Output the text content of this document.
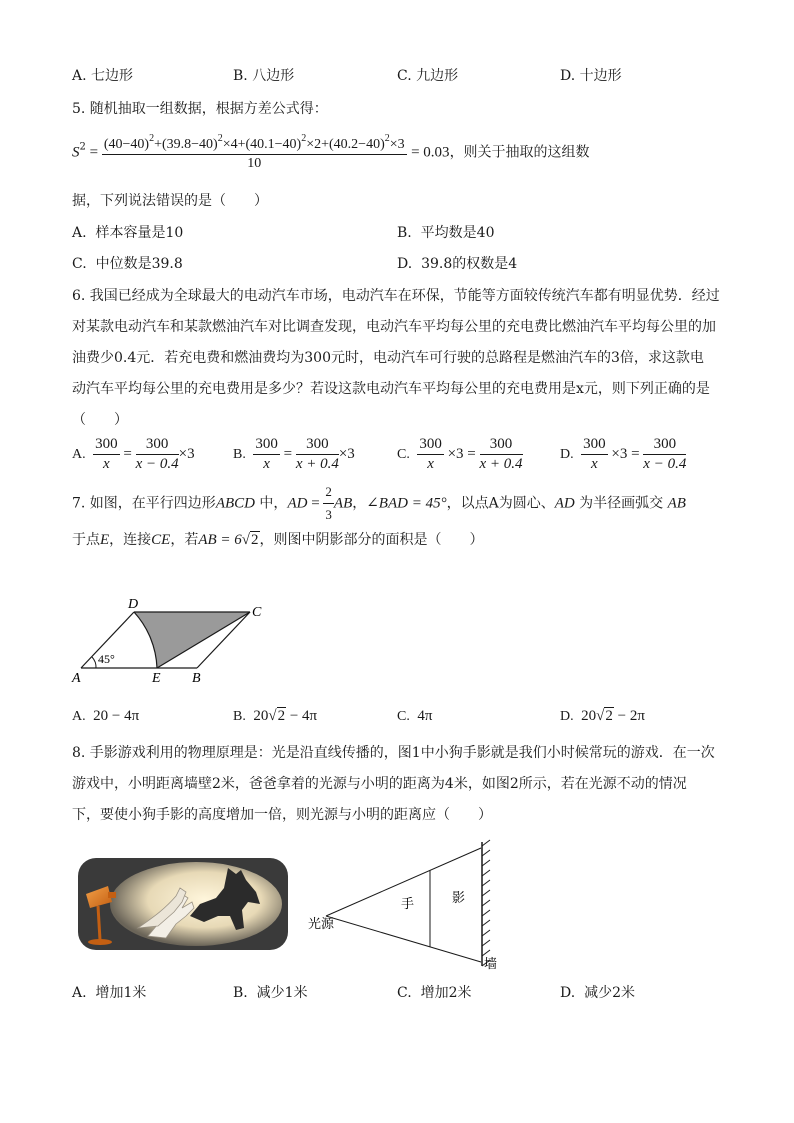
A. 七边形	B. 八边形	C. 九边形	D. 十边形
5. 随机抽取一组数据，根据方差公式得：
$S^2 = \frac{(40-40)^2+(39.8-40)^2\times 4+(40.1-40)^2\times 2+(40.2-40)^2\times 3}{10} = 0.03$，则关于抽取的这组数
据，下列说法错误的是（　　）
A. 样本容量是10	B. 平均数是40
C. 中位数是39.8	D. 39.8的权数是4
6. 我国已经成为全球最大的电动汽车市场，电动汽车在环保，节能等方面较传统汽车都有明显优势．经过
对某款电动汽车和某款燃油汽车对比调查发现，电动汽车平均每公里的充电费比燃油汽车平均每公里的加
油费少0.4元．若充电费和燃油费均为300元时，电动汽车可行驶的总路程是燃油汽车的3倍，求这款电
动汽车平均每公里的充电费用是多少？若设这款电动汽车平均每公里的充电费用是x元，则下列正确的是
（　　）
A. $\frac{300}{x} = \frac{300}{x - 0.4} \times 3$	B. $\frac{300}{x} = \frac{300}{x + 0.4} \times 3$	C. $\frac{300}{x} \times 3 = \frac{300}{x + 0.4}$	D. $\frac{300}{x} \times 3 = \frac{300}{x - 0.4}$
7. 如图，在平行四边形ABCD 中，AD = $\frac{2}{3}$ AB，∠BAD = 45°，以点A为圆心、AD 为半径画弧交 AB
于点E，连接CE，若AB = 6√2，则图中阴影部分的面积是（　　）
45°
A	E B
D
C
A. 20 − 4π	B. 20√2 − 4π	C. 4π	D. 20√2 − 2π
8. 手影游戏利用的物理原理是：光是沿直线传播的，图1中小狗手影就是我们小时候常玩的游戏．在一次
游戏中，小明距离墙壁2米，爸爸拿着的光源与小明的距离为4米，如图2所示，若在光源不动的情况
下，要使小狗手影的高度增加一倍，则光源与小明的距离应（　　）
光源
手	影
墙
A. 增加1米	B. 减少1米	C. 增加2米	D. 减少2米
